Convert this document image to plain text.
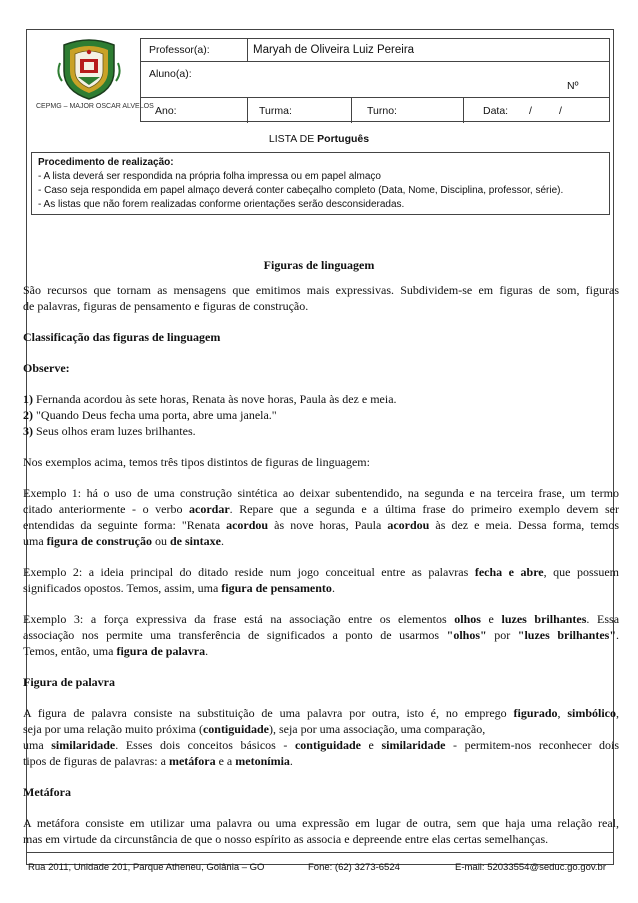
CEPMG – MAJOR OSCAR ALVELOS
Professor(a):	Maryah de Oliveira Luiz Pereira
Aluno(a):
Nº
Ano:	Turma:	Turno:	Data: /	/
LISTA DE Português
Procedimento de realização:
- A lista deverá ser respondida na própria folha impressa ou em papel almaço
- Caso seja respondida em papel almaço deverá conter cabeçalho completo (Data, Nome, Disciplina, professor, série).
- As listas que não forem realizadas conforme orientações serão desconsideradas.
Figuras de linguagem

São recursos que tornam as mensagens que emitimos mais expressivas. Subdividem-se em figuras de som, figuras
de palavras, figuras de pensamento e figuras de construção.

Classificação das figuras de linguagem
Observe:

1) Fernanda acordou às sete horas, Renata às nove horas, Paula às dez e meia.
2) "Quando Deus fecha uma porta, abre uma janela."
3) Seus olhos eram luzes brilhantes.

Nos exemplos acima, temos três tipos distintos de figuras de linguagem:

Exemplo 1: há o uso de uma construção sintética ao deixar subentendido, na segunda e na terceira frase, um termo
citado anteriormente - o verbo acordar. Repare que a segunda e a última frase do primeiro exemplo devem ser
entendidas da seguinte forma: "Renata acordou às nove horas, Paula acordou às dez e meia. Dessa forma, temos
uma figura de construção ou de sintaxe.

Exemplo 2: a ideia principal do ditado reside num jogo conceitual entre as palavras fecha e abre, que possuem
significados opostos. Temos, assim, uma figura de pensamento.

Exemplo 3: a força expressiva da frase está na associação entre os elementos olhos e luzes brilhantes. Essa
associação nos permite uma transferência de significados a ponto de usarmos "olhos" por "luzes brilhantes".
Temos, então, uma figura de palavra.

Figura de palavra

A figura de palavra consiste na substituição de uma palavra por outra, isto é, no emprego figurado, simbólico,
seja por uma relação muito próxima (contiguidade), seja por uma associação, uma comparação,
uma similaridade. Esses dois conceitos básicos - contiguidade e similaridade - permitem-nos reconhecer dois
tipos de figuras de palavras: a metáfora e a metonímia.

Metáfora

A metáfora consiste em utilizar uma palavra ou uma expressão em lugar de outra, sem que haja uma relação real,
mas em virtude da circunstância de que o nosso espírito as associa e depreende entre elas certas semelhanças.

Rua 2011, Unidade 201, Parque Atheneu, Goiânia – GO	Fone: (62) 3273-6524	E-mail: 52033554@seduc.go.gov.br
